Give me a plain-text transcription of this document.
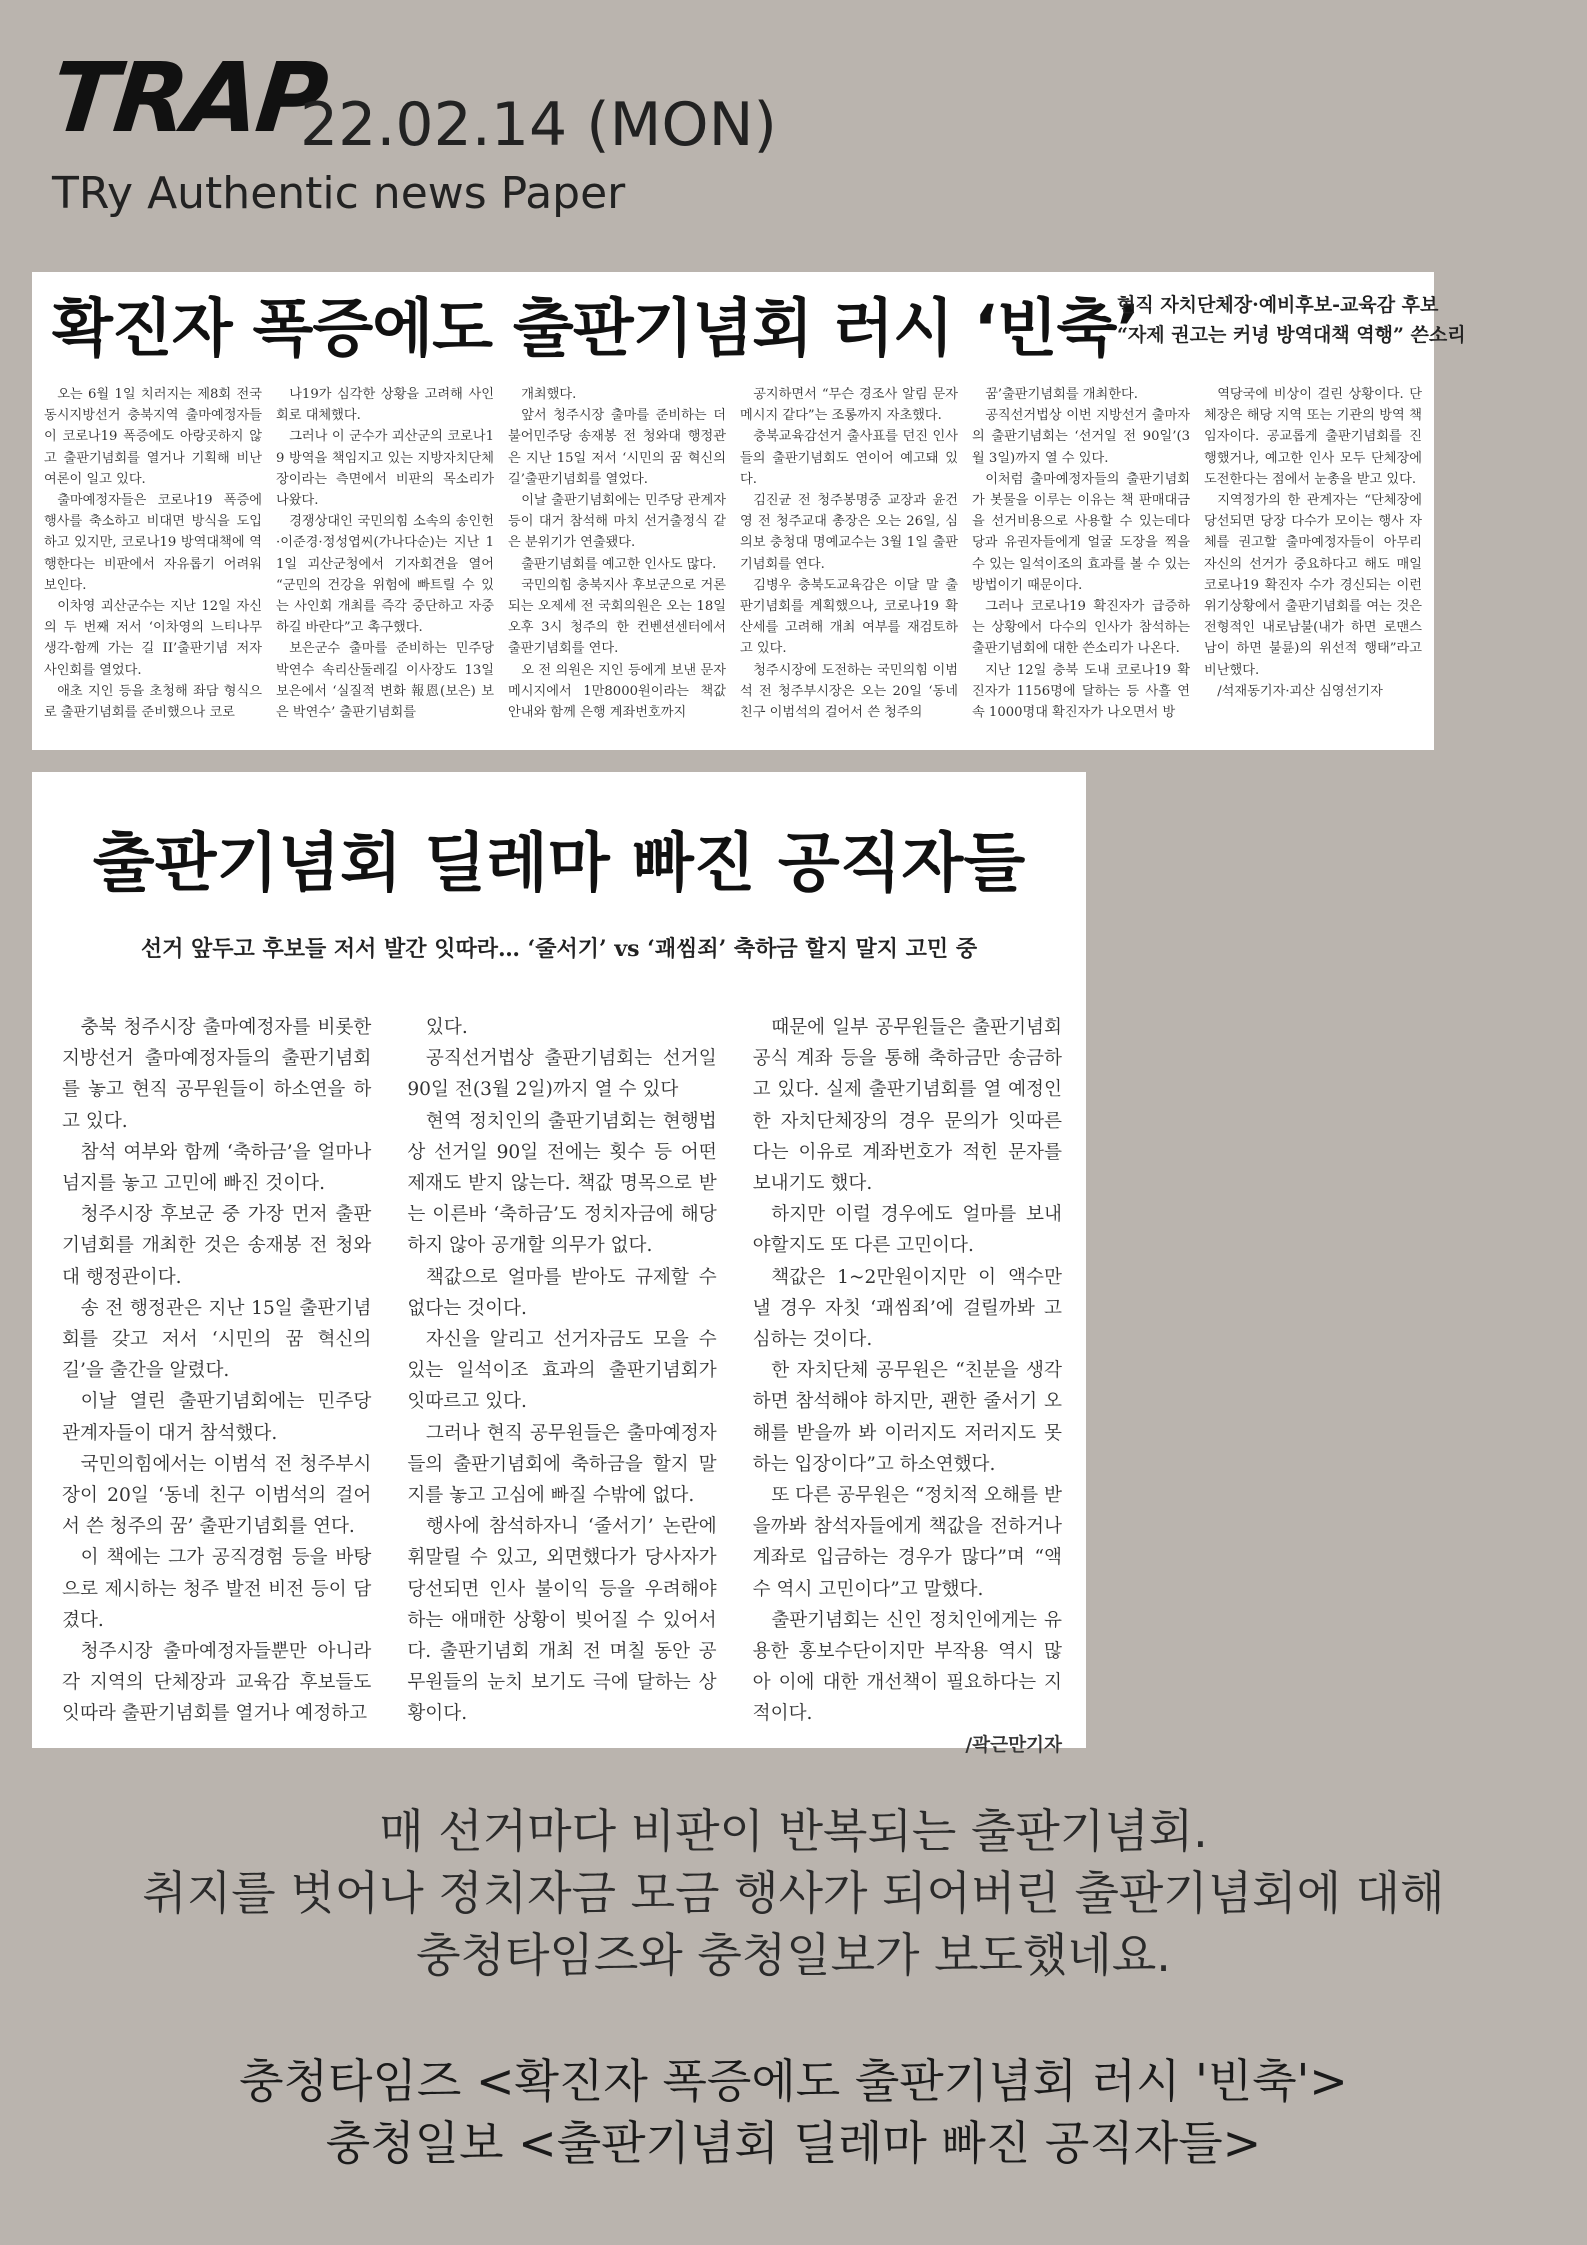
TRAP
22.02.14 (MON)
TRy Authentic news Paper
확진자 폭증에도 출판기념회 러시 ‘빈축’
현직 자치단체장·예비후보-교육감 후보
“자제 권고는 커녕 방역대책 역행” 쓴소리

오는 6월 1일 치러지는 제8회 전국동시지방선거 충북지역 출마예정자들이 코로나19 폭증에도 아랑곳하지 않고 출판기념회를 열거나 기획해 비난 여론이 일고 있다.

출마예정자들은 코로나19 폭증에 행사를 축소하고 비대면 방식을 도입하고 있지만, 코로나19 방역대책에 역행한다는 비판에서 자유롭기 어려워 보인다.

이차영 괴산군수는 지난 12일 자신의 두 번째 저서 ‘이차영의 느티나무 생각-함께 가는 길 II’출판기념 저자 사인회를 열었다.

애초 지인 등을 초청해 좌담 형식으로 출판기념회를 준비했으나 코로

나19가 심각한 상황을 고려해 사인회로 대체했다.

그러나 이 군수가 괴산군의 코로나19 방역을 책임지고 있는 지방자치단체장이라는 측면에서 비판의 목소리가 나왔다.

경쟁상대인 국민의힘 소속의 송인헌·이준경·정성엽씨(가나다순)는 지난 11일 괴산군청에서 기자회견을 열어 “군민의 건강을 위험에 빠트릴 수 있는 사인회 개최를 즉각 중단하고 자중하길 바란다”고 촉구했다.

보은군수 출마를 준비하는 민주당 박연수 속리산둘레길 이사장도 13일 보은에서 ‘실질적 변화 報恩(보은) 보은 박연수’ 출판기념회를

개최했다.

앞서 청주시장 출마를 준비하는 더불어민주당 송재봉 전 청와대 행정관은 지난 15일 저서 ‘시민의 꿈 혁신의 길’출판기념회를 열었다.

이날 출판기념회에는 민주당 관계자 등이 대거 참석해 마치 선거출정식 같은 분위기가 연출됐다.

출판기념회를 예고한 인사도 많다.

국민의힘 충북지사 후보군으로 거론되는 오제세 전 국회의원은 오는 18일 오후 3시 청주의 한 컨벤션센터에서 출판기념회를 연다.

오 전 의원은 지인 등에게 보낸 문자메시지에서 1만8000원이라는 책값 안내와 함께 은행 계좌번호까지

공지하면서 “무슨 경조사 알림 문자메시지 같다”는 조롱까지 자초했다.

충북교육감선거 출사표를 던진 인사들의 출판기념회도 연이어 예고돼 있다.

김진균 전 청주봉명중 교장과 윤건영 전 청주교대 총장은 오는 26일, 심의보 충청대 명예교수는 3월 1일 출판기념회를 연다.

김병우 충북도교육감은 이달 말 출판기념회를 계획했으나, 코로나19 확산세를 고려해 개최 여부를 재검토하고 있다.

청주시장에 도전하는 국민의힘 이범석 전 청주부시장은 오는 20일 ‘동네 친구 이범석의 걸어서 쓴 청주의

꿈’출판기념회를 개최한다.

공직선거법상 이번 지방선거 출마자의 출판기념회는 ‘선거일 전 90일’(3월 3일)까지 열 수 있다.

이처럼 출마예정자들의 출판기념회가 봇물을 이루는 이유는 책 판매대금을 선거비용으로 사용할 수 있는데다 당과 유권자들에게 얼굴 도장을 찍을 수 있는 일석이조의 효과를 볼 수 있는 방법이기 때문이다.

그러나 코로나19 확진자가 급증하는 상황에서 다수의 인사가 참석하는 출판기념회에 대한 쓴소리가 나온다.

지난 12일 충북 도내 코로나19 확진자가 1156명에 달하는 등 사흘 연속 1000명대 확진자가 나오면서 방

역당국에 비상이 걸린 상황이다. 단체장은 해당 지역 또는 기관의 방역 책임자이다. 공교롭게 출판기념회를 진행했거나, 예고한 인사 모두 단체장에 도전한다는 점에서 눈총을 받고 있다.

지역정가의 한 관계자는 “단체장에 당선되면 당장 다수가 모이는 행사 자체를 권고할 출마예정자들이 아무리 자신의 선거가 중요하다고 해도 매일 코로나19 확진자 수가 경신되는 이런 위기상황에서 출판기념회를 여는 것은 전형적인 내로남불(내가 하면 로맨스 남이 하면 불륜)의 위선적 행태”라고 비난했다.

/석재동기자·괴산 심영선기자

출판기념회 딜레마 빠진 공직자들
선거 앞두고 후보들 저서 발간 잇따라… ‘줄서기’ vs ‘괘씸죄’ 축하금 할지 말지 고민 중

충북 청주시장 출마예정자를 비롯한 지방선거 출마예정자들의 출판기념회를 놓고 현직 공무원들이 하소연을 하고 있다.

참석 여부와 함께 ‘축하금’을 얼마나 넘지를 놓고 고민에 빠진 것이다.

청주시장 후보군 중 가장 먼저 출판기념회를 개최한 것은 송재봉 전 청와대 행정관이다.

송 전 행정관은 지난 15일 출판기념회를 갖고 저서 ‘시민의 꿈 혁신의 길’을 출간을 알렸다.

이날 열린 출판기념회에는 민주당 관계자들이 대거 참석했다.

국민의힘에서는 이범석 전 청주부시장이 20일 ‘동네 친구 이범석의 걸어서 쓴 청주의 꿈’ 출판기념회를 연다.

이 책에는 그가 공직경험 등을 바탕으로 제시하는 청주 발전 비전 등이 담겼다.

청주시장 출마예정자들뿐만 아니라 각 지역의 단체장과 교육감 후보들도 잇따라 출판기념회를 열거나 예정하고

있다.

공직선거법상 출판기념회는 선거일 90일 전(3월 2일)까지 열 수 있다

현역 정치인의 출판기념회는 현행법상 선거일 90일 전에는 횟수 등 어떤 제재도 받지 않는다. 책값 명목으로 받는 이른바 ‘축하금’도 정치자금에 해당하지 않아 공개할 의무가 없다.

책값으로 얼마를 받아도 규제할 수 없다는 것이다.

자신을 알리고 선거자금도 모을 수 있는 일석이조 효과의 출판기념회가 잇따르고 있다.

그러나 현직 공무원들은 출마예정자들의 출판기념회에 축하금을 할지 말지를 놓고 고심에 빠질 수밖에 없다.

행사에 참석하자니 ‘줄서기’ 논란에 휘말릴 수 있고, 외면했다가 당사자가 당선되면 인사 불이익 등을 우려해야 하는 애매한 상황이 빚어질 수 있어서다. 출판기념회 개최 전 며칠 동안 공무원들의 눈치 보기도 극에 달하는 상황이다.

때문에 일부 공무원들은 출판기념회 공식 계좌 등을 통해 축하금만 송금하고 있다. 실제 출판기념회를 열 예정인 한 자치단체장의 경우 문의가 잇따른다는 이유로 계좌번호가 적힌 문자를 보내기도 했다.

하지만 이럴 경우에도 얼마를 보내야할지도 또 다른 고민이다.

책값은 1~2만원이지만 이 액수만 낼 경우 자칫 ‘괘씸죄’에 걸릴까봐 고심하는 것이다.

한 자치단체 공무원은 “친분을 생각하면 참석해야 하지만, 괜한 줄서기 오해를 받을까 봐 이러지도 저러지도 못하는 입장이다”고 하소연했다.

또 다른 공무원은 “정치적 오해를 받을까봐 참석자들에게 책값을 전하거나 계좌로 입금하는 경우가 많다”며 “액수 역시 고민이다”고 말했다.

출판기념회는 신인 정치인에게는 유용한 홍보수단이지만 부작용 역시 많아 이에 대한 개선책이 필요하다는 지적이다.

/곽근만기자

매 선거마다 비판이 반복되는 출판기념회.
취지를 벗어나 정치자금 모금 행사가 되어버린 출판기념회에 대해
충청타임즈와 충청일보가 보도했네요.
충청타임즈 <확진자 폭증에도 출판기념회 러시 '빈축'>
충청일보 <출판기념회 딜레마 빠진 공직자들>
